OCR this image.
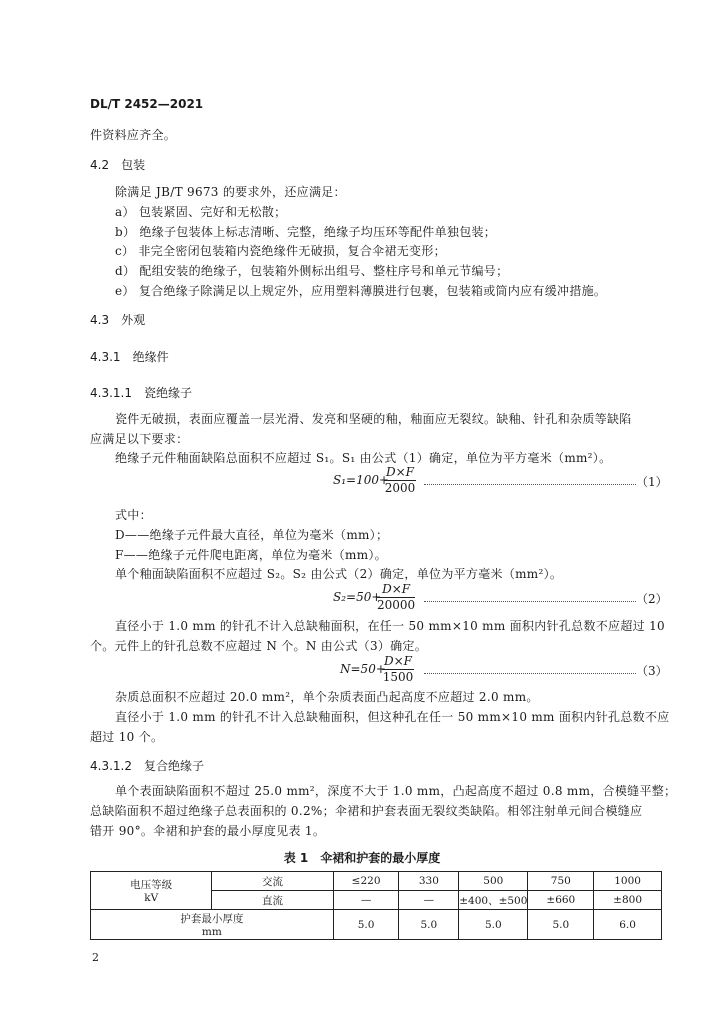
DL/T 2452—2021
件资料应齐全。
4.2　 包装
除满足 JB/T 9673 的要求外，还应满足：
a） 包装紧固、完好和无松散；
b） 绝缘子包装体上标志清晰、完整，绝缘子均压环等配件单独包装；
c） 非完全密闭包装箱内瓷绝缘件无破损，复合伞裙无变形；
d） 配组安装的绝缘子，包装箱外侧标出组号、整柱序号和单元节编号；
e） 复合绝缘子除满足以上规定外，应用塑料薄膜进行包裹，包装箱或筒内应有缓冲措施。
4.3　 外观
4.3.1　 绝缘件
4.3.1.1　 瓷绝缘子
瓷件无破损，表面应覆盖一层光滑、发亮和坚硬的釉，釉面应无裂纹。缺釉、针孔和杂质等缺陷
应满足以下要求：
绝缘子元件釉面缺陷总面积不应超过 S₁。S₁ 由公式（1）确定，单位为平方毫米（mm²）。
S₁=100+
D×F
2000	（1）
式中：
D——绝缘子元件最大直径，单位为毫米（mm）；
F——绝缘子元件爬电距离，单位为毫米（mm）。
单个釉面缺陷面积不应超过 S₂。S₂ 由公式（2）确定，单位为平方毫米（mm²）。
S₂=50+
D×F
20000	（2）
直径小于 1.0 mm 的针孔不计入总缺釉面积，在任一 50 mm×10 mm 面积内针孔总数不应超过 10
个。元件上的针孔总数不应超过 N 个。N 由公式（3）确定。
N=50+
D×F
1500	（3）
杂质总面积不应超过 20.0 mm²，单个杂质表面凸起高度不应超过 2.0 mm。
直径小于 1.0 mm 的针孔不计入总缺釉面积，但这种孔在任一 50 mm×10 mm 面积内针孔总数不应
超过 10 个。
4.3.1.2　 复合绝缘子
单个表面缺陷面积不超过 25.0 mm²，深度不大于 1.0 mm，凸起高度不超过 0.8 mm，合模缝平整；
总缺陷面积不超过绝缘子总表面积的 0.2%；伞裙和护套表面无裂纹类缺陷。相邻注射单元间合模缝应
错开 90°。伞裙和护套的最小厚度见表 1。
表 1　伞裙和护套的最小厚度
电压等级
kV	交流	≤220	330	500	750	1000
	直流	—	—	±400、±500	±660	±800

护套最小厚度
mm		5.0	5.0	5.0	5.0	6.0
2
